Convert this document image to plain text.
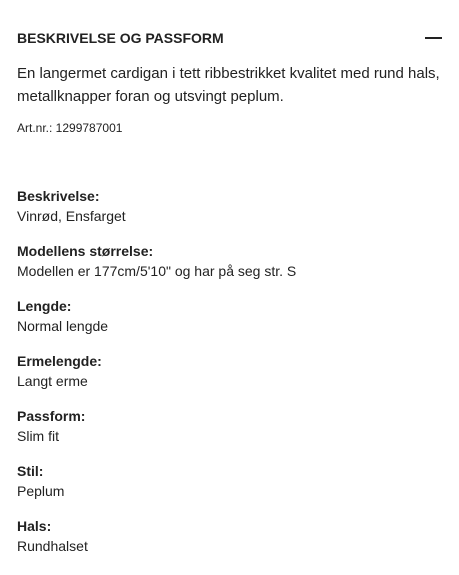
BESKRIVELSE OG PASSFORM

En langermet cardigan i tett ribbestrikket kvalitet med rund hals, metallknapper foran og utsvingt peplum.

Art.nr.: 1299787001
Beskrivelse:
Vinrød, Ensfarget
Modellens størrelse:
Modellen er 177cm/5'10" og har på seg str. S
Lengde:
Normal lengde
Ermelengde:
Langt erme
Passform:
Slim fit
Stil:
Peplum
Hals:
Rundhalset
